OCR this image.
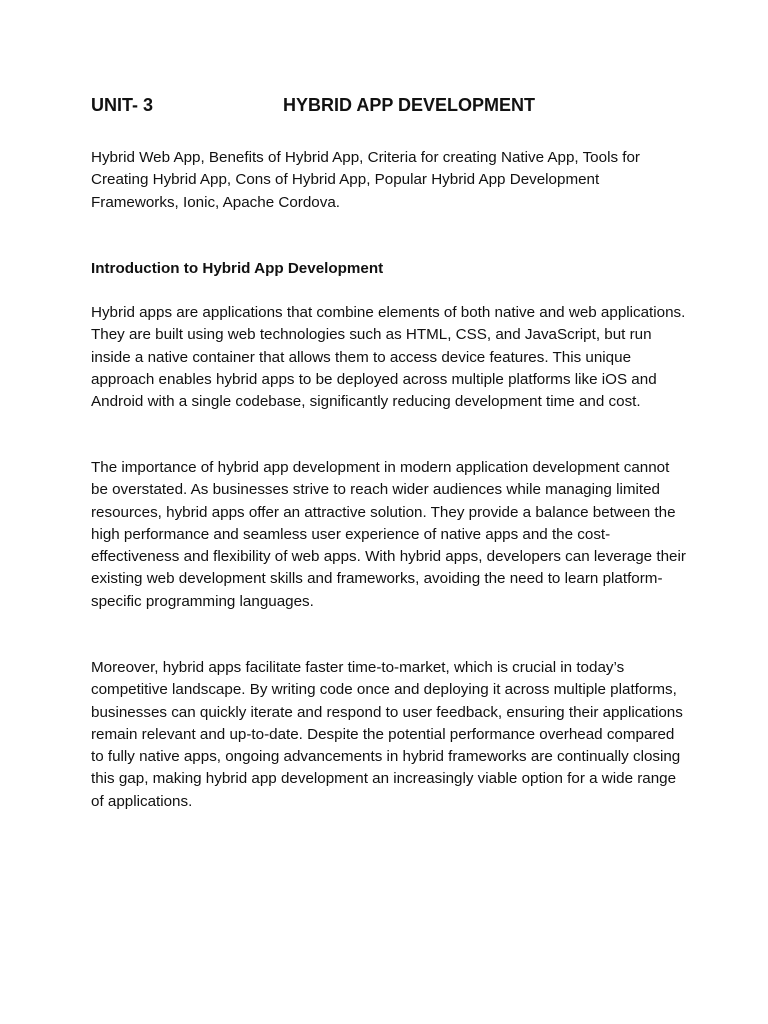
UNIT- 3	HYBRID APP DEVELOPMENT

Hybrid Web App, Benefits of Hybrid App, Criteria for creating Native App, Tools for Creating Hybrid App, Cons of Hybrid App, Popular Hybrid App Development Frameworks, Ionic, Apache Cordova.

Introduction to Hybrid App Development

Hybrid apps are applications that combine elements of both native and web applications. They are built using web technologies such as HTML, CSS, and JavaScript, but run inside a native container that allows them to access device features. This unique approach enables hybrid apps to be deployed across multiple platforms like iOS and Android with a single codebase, significantly reducing development time and cost.

The importance of hybrid app development in modern application development cannot be overstated. As businesses strive to reach wider audiences while managing limited resources, hybrid apps offer an attractive solution. They provide a balance between the high performance and seamless user experience of native apps and the cost-effectiveness and flexibility of web apps. With hybrid apps, developers can leverage their existing web development skills and frameworks, avoiding the need to learn platform-specific programming languages.

Moreover, hybrid apps facilitate faster time-to-market, which is crucial in today’s competitive landscape. By writing code once and deploying it across multiple platforms, businesses can quickly iterate and respond to user feedback, ensuring their applications remain relevant and up-to-date. Despite the potential performance overhead compared to fully native apps, ongoing advancements in hybrid frameworks are continually closing this gap, making hybrid app development an increasingly viable option for a wide range of applications.
